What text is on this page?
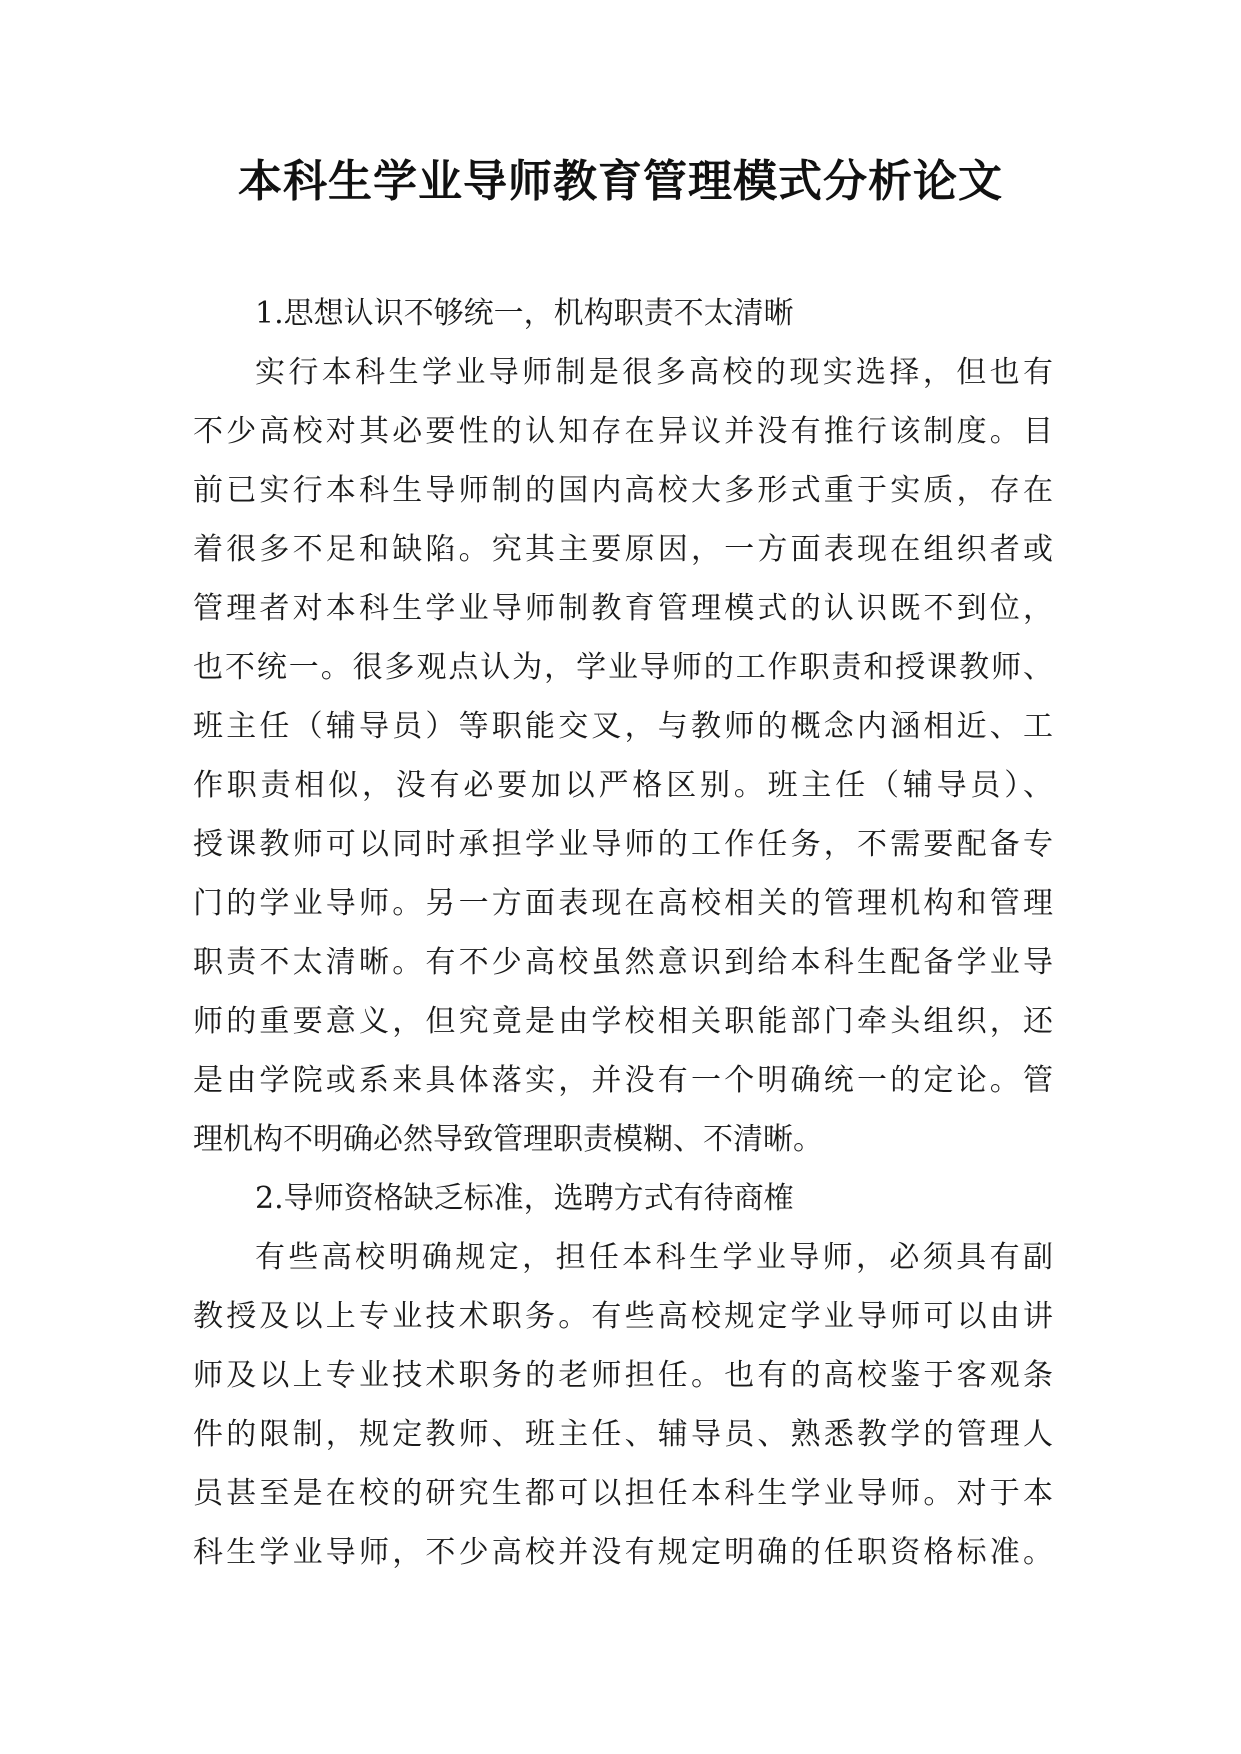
本科生学业导师教育管理模式分析论文
1.思想认识不够统一，机构职责不太清晰
实行本科生学业导师制是很多高校的现实选择，但也有
不少高校对其必要性的认知存在异议并没有推行该制度。目
前已实行本科生导师制的国内高校大多形式重于实质，存在
着很多不足和缺陷。究其主要原因，一方面表现在组织者或
管理者对本科生学业导师制教育管理模式的认识既不到位，
也不统一。很多观点认为，学业导师的工作职责和授课教师、
班主任（辅导员）等职能交叉，与教师的概念内涵相近、工
作职责相似，没有必要加以严格区别。班主任（辅导员）、
授课教师可以同时承担学业导师的工作任务，不需要配备专
门的学业导师。另一方面表现在高校相关的管理机构和管理
职责不太清晰。有不少高校虽然意识到给本科生配备学业导
师的重要意义，但究竟是由学校相关职能部门牵头组织，还
是由学院或系来具体落实，并没有一个明确统一的定论。管
理机构不明确必然导致管理职责模糊、不清晰。
2.导师资格缺乏标准，选聘方式有待商榷
有些高校明确规定，担任本科生学业导师，必须具有副
教授及以上专业技术职务。有些高校规定学业导师可以由讲
师及以上专业技术职务的老师担任。也有的高校鉴于客观条
件的限制，规定教师、班主任、辅导员、熟悉教学的管理人
员甚至是在校的研究生都可以担任本科生学业导师。对于本
科生学业导师，不少高校并没有规定明确的任职资格标准。
